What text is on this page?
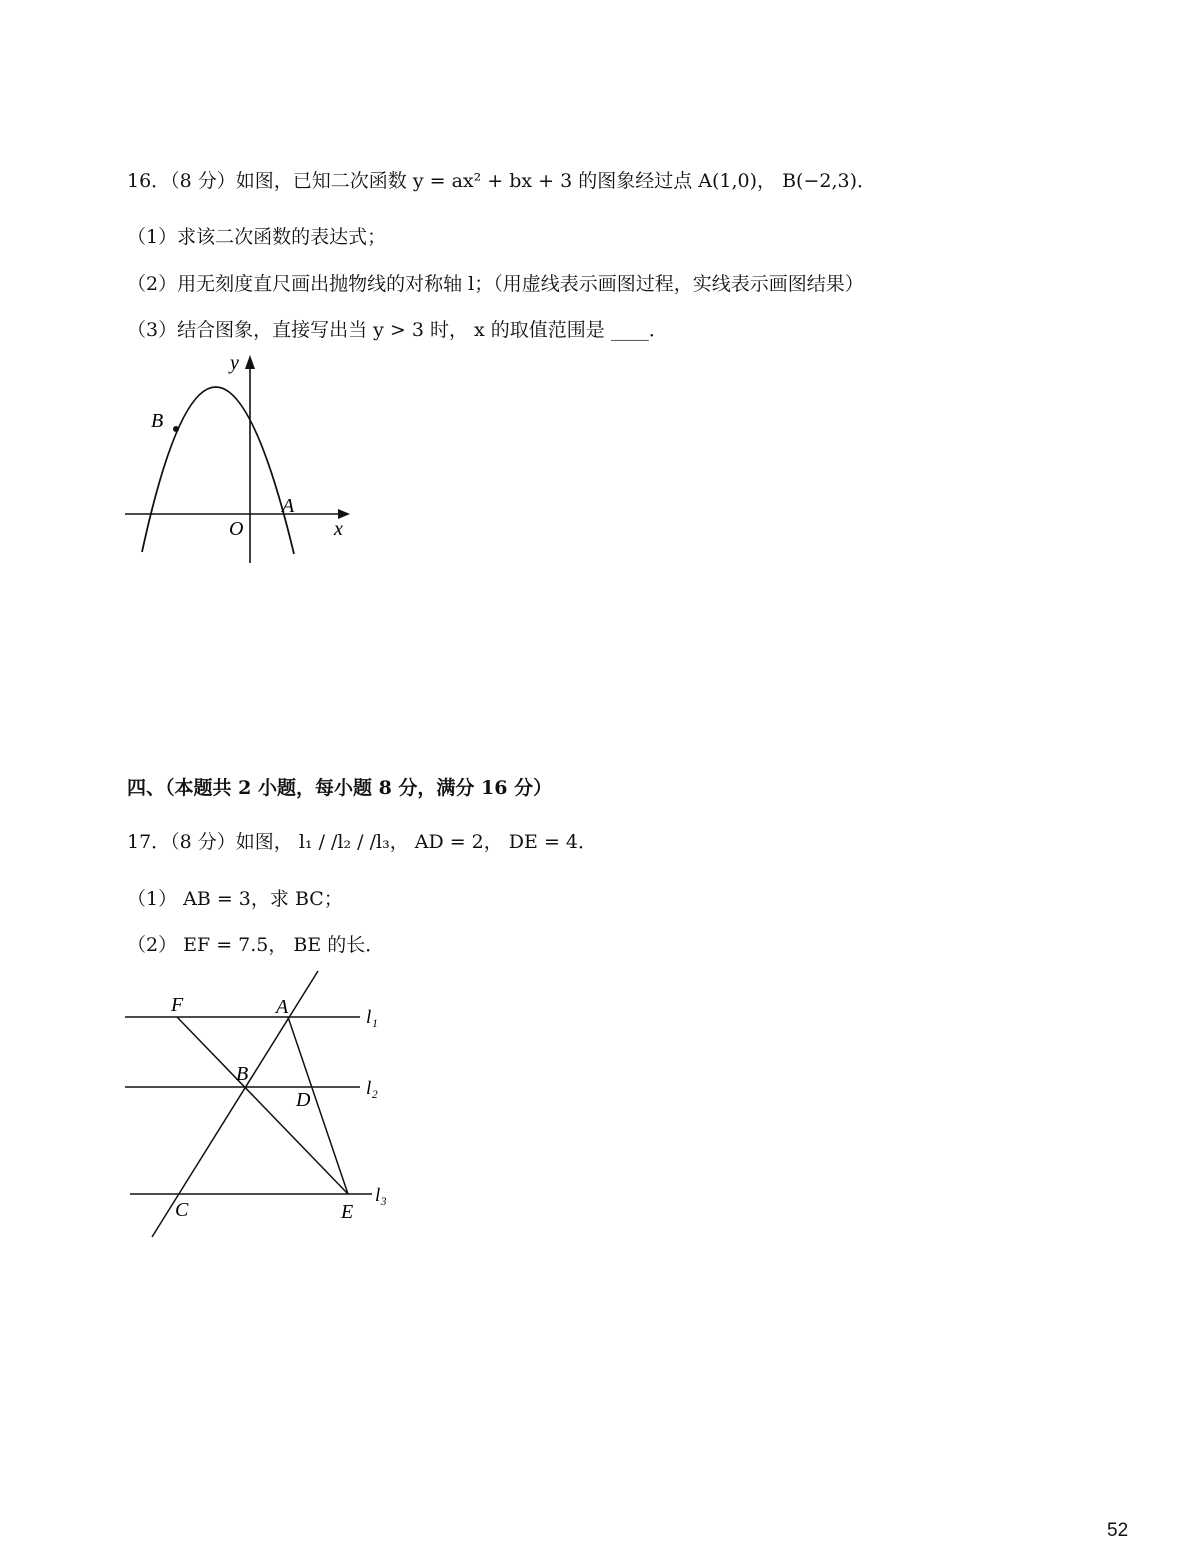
16．（8 分）如图，已知二次函数 y = ax² + bx + 3 的图象经过点 A(1,0)， B(−2,3)．
（1）求该二次函数的表达式；
（2）用无刻度直尺画出抛物线的对称轴 l；（用虚线表示画图过程，实线表示画图结果）
（3）结合图象，直接写出当 y > 3 时， x 的取值范围是 ____．
y
x
O
A
B
四、（本题共 2 小题，每小题 8 分，满分 16 分）
17．（8 分）如图， l₁ / /l₂ / /l₃， AD = 2， DE = 4．
（1） AB = 3，求 BC；
（2） EF = 7.5， BE 的长．
F	A
B
D
C	E
l₁
l₂
l₃
52
